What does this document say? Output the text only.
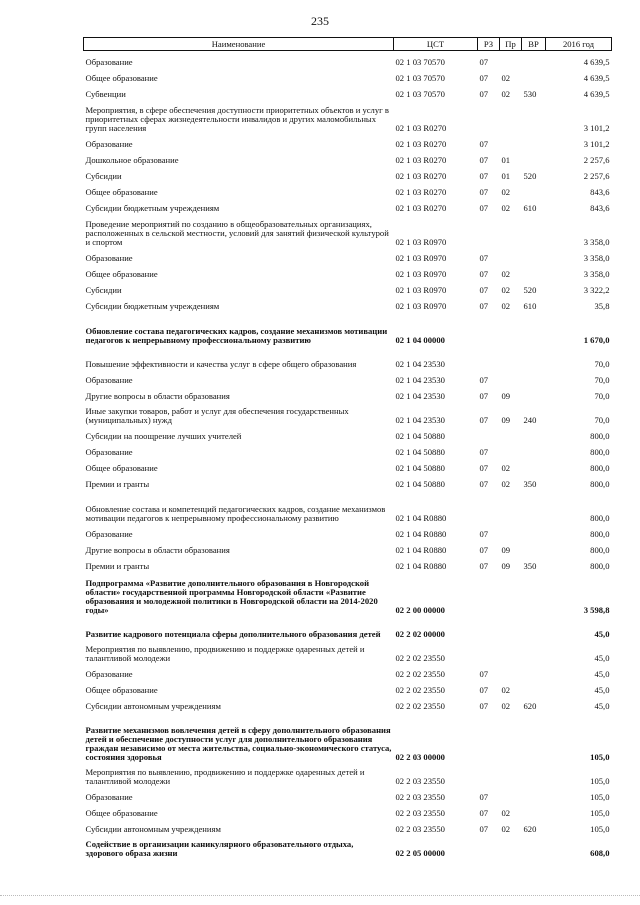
235
Наименование	ЦСТ	РЗ	Пр	ВР	2016 год
Образование	02 1 03 70570	07			4 639,5
Общее образование	02 1 03 70570	07	02		4 639,5
Субвенции	02 1 03 70570	07	02	530	4 639,5
Мероприятия, в сфере обеспечения доступности приоритетных объектов и услуг в приоритетных сферах жизнедеятельности инвалидов и других маломобильных групп населения	02 1 03 R0270				3 101,2
Образование	02 1 03 R0270	07			3 101,2
Дошкольное образование	02 1 03 R0270	07	01		2 257,6
Субсидии	02 1 03 R0270	07	01	520	2 257,6
Общее образование	02 1 03 R0270	07	02		843,6
Субсидии бюджетным учреждениям	02 1 03 R0270	07	02	610	843,6
Проведение мероприятий по созданию в общеобразовательных организациях, расположенных в сельской местности, условий для занятий физической культурой и спортом	02 1 03 R0970				3 358,0
Образование	02 1 03 R0970	07			3 358,0
Общее образование	02 1 03 R0970	07	02		3 358,0
Субсидии	02 1 03 R0970	07	02	520	3 322,2
Субсидии бюджетным учреждениям	02 1 03 R0970	07	02	610	35,8
Обновление состава педагогических кадров, создание механизмов мотивации педагогов к непрерывному профессиональному развитию	02 1 04 00000				1 670,0
Повышение эффективности и качества услуг в сфере общего образования	02 1 04 23530				70,0
Образование	02 1 04 23530	07			70,0
Другие вопросы в области образования	02 1 04 23530	07	09		70,0
Иные закупки товаров, работ и услуг для обеспечения государственных (муниципальных) нужд	02 1 04 23530	07	09	240	70,0
Субсидии на поощрение лучших учителей	02 1 04 50880				800,0
Образование	02 1 04 50880	07			800,0
Общее образование	02 1 04 50880	07	02		800,0
Премии и гранты	02 1 04 50880	07	02	350	800,0
Обновление состава и компетенций педагогических кадров, создание механизмов мотивации педагогов к непрерывному профессиональному развитию	02 1 04 R0880				800,0
Образование	02 1 04 R0880	07			800,0
Другие вопросы в области образования	02 1 04 R0880	07	09		800,0
Премии и гранты	02 1 04 R0880	07	09	350	800,0
Подпрограмма «Развитие дополнительного образования в Новгородской области» государственной программы Новгородской области «Развитие образования и молодежной политики в Новгородской области на 2014-2020 годы»	02 2 00 00000				3 598,8
Развитие кадрового потенциала сферы дополнительного образования детей	02 2 02 00000				45,0
Мероприятия по выявлению, продвижению и поддержке одаренных детей и талантливой молодежи	02 2 02 23550				45,0
Образование	02 2 02 23550	07			45,0
Общее образование	02 2 02 23550	07	02		45,0
Субсидии автономным учреждениям	02 2 02 23550	07	02	620	45,0
Развитие механизмов вовлечения детей в сферу дополнительного образования детей и обеспечение доступности услуг для дополнительного образования граждан независимо от места жительства, социально-экономического статуса, состояния здоровья	02 2 03 00000				105,0
Мероприятия по выявлению, продвижению и поддержке одаренных детей и талантливой молодежи	02 2 03 23550				105,0
Образование	02 2 03 23550	07			105,0
Общее образование	02 2 03 23550	07	02		105,0
Субсидии автономным учреждениям	02 2 03 23550	07	02	620	105,0
Содействие в организации каникулярного образовательного отдыха, здорового образа жизни	02 2 05 00000				608,0
